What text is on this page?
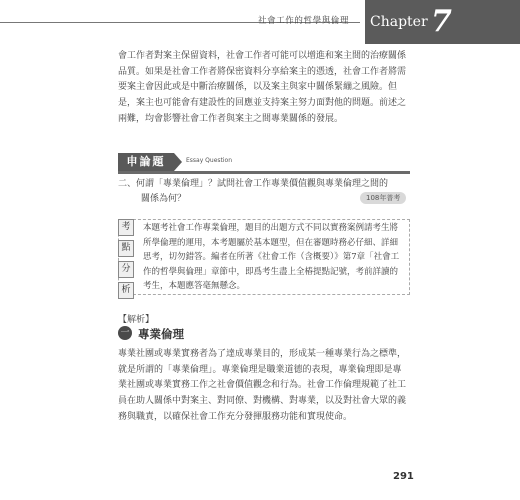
社會工作的哲學與倫理 Chapter 7

會工作者對案主保留資料，社會工作者可能可以增進和案主間的治療關係品質。如果是社會工作者將保密資料分享給案主的憑透，社會工作者將需要案主會因此或是中斷治療關係，以及案主與家中關係緊繃之風險。但是，案主也可能會有建設性的回應並支持案主努力面對他的問題。前述之兩難，均會影響社會工作者與案主之間專業關係的發展。

申論題	Essay Question
二、何謂「專業倫理」？試問社會工作專業價值觀與專業倫理之間的
關係為何？	108年普考
考
點
分
析

本題考社會工作專業倫理，題目的出題方式不同以實務案例請考生將所學倫理的運用，本考題屬於基本題型，但在審題時務必仔細、詳細思考，切勿錯答。編者在所著《社會工作（含概要）》第7章「社會工作的哲學與倫理」章節中，即爲考生盡上全椿提點記號，考前詳讀的考生，本題應答毫無懸念。

【解析】
一 專業倫理

專業社團或專業實務者為了達成專業目的，形成某一種專業行為之標準，就是所謂的「專業倫理」。專業倫理是職業道德的表現，專業倫理即是專業社團或專業實務工作之社會價值觀念和行為。社會工作倫理規範了社工員在助人關係中對案主、對同僚、對機構、對專業，以及對社會大眾的義務與職責，以確保社會工作充分發揮服務功能和實現使命。

291
